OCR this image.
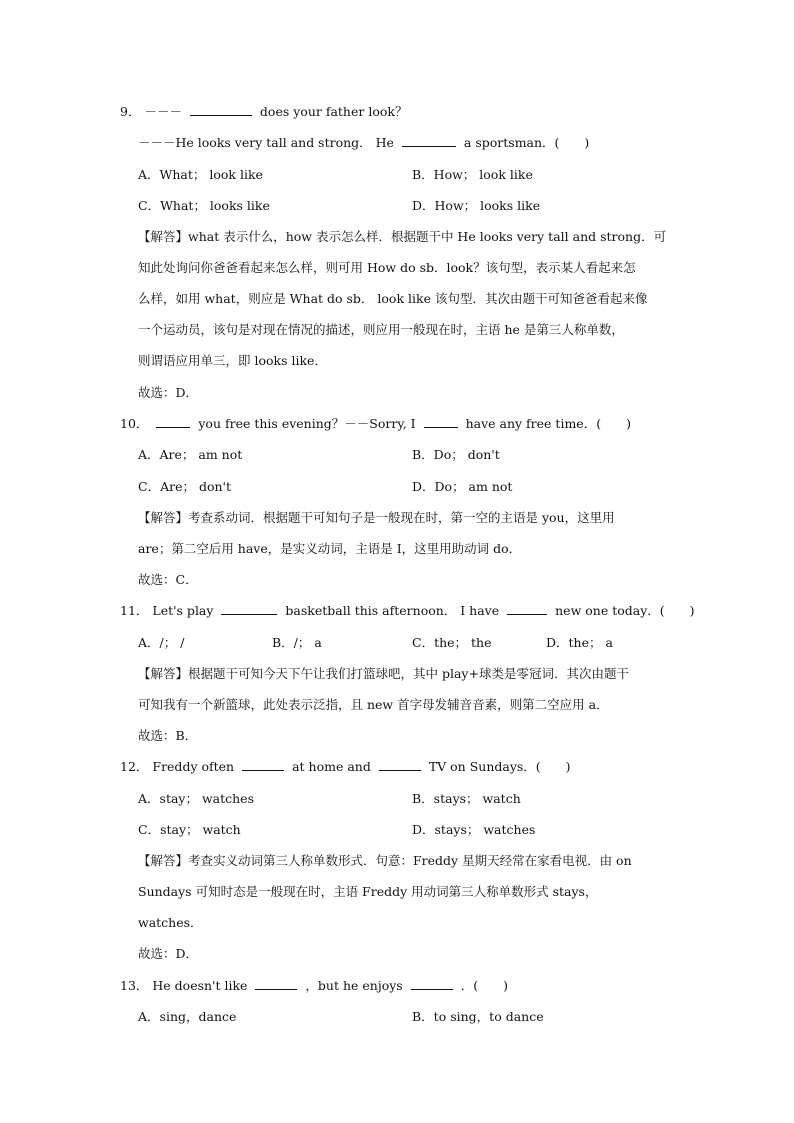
9． －－－	does your father look？
－－－He looks very tall and strong． He	a sportsman．(　　)
A．What； look like	B．How； look like
C．What； looks like	D．How； looks like
【解答】what 表示什么，how 表示怎么样．根据题干中 He looks very tall and strong．可
知此处询问你爸爸看起来怎么样，则可用 How do sb．look？该句型，表示某人看起来怎
么样，如用 what，则应是 What do sb． look like 该句型．其次由题干可知爸爸看起来像
一个运动员，该句是对现在情况的描述，则应用一般现在时，主语 he 是第三人称单数，
则谓语应用单三，即 looks like．
故选：D．
10．	you free this evening？－－Sorry, I	have any free time．(　　)
A．Are； am not	B．Do； don't
C．Are； don't	D．Do； am not
【解答】考查系动词．根据题干可知句子是一般现在时，第一空的主语是 you，这里用
are；第二空后用 have，是实义动词，主语是 I，这里用助动词 do．
故选：C．
11． Let's play	basketball this afternoon． I have	new one today．(　　)
A．/； /	B．/； a	C．the； the	D．the； a
【解答】根据题干可知今天下午让我们打篮球吧，其中 play+球类是零冠词．其次由题干
可知我有一个新篮球，此处表示泛指，且 new 首字母发辅音音素，则第二空应用 a．
故选：B．
12． Freddy often	at home and	TV on Sundays．(　　)
A．stay； watches	B．stays； watch
C．stay； watch	D．stays； watches
【解答】考查实义动词第三人称单数形式．句意：Freddy 星期天经常在家看电视．由 on
Sundays 可知时态是一般现在时，主语 Freddy 用动词第三人称单数形式 stays，
watches．
故选：D．
13． He doesn't like	，but he enjoys	．(　　)
A．sing，dance	B．to sing，to dance
